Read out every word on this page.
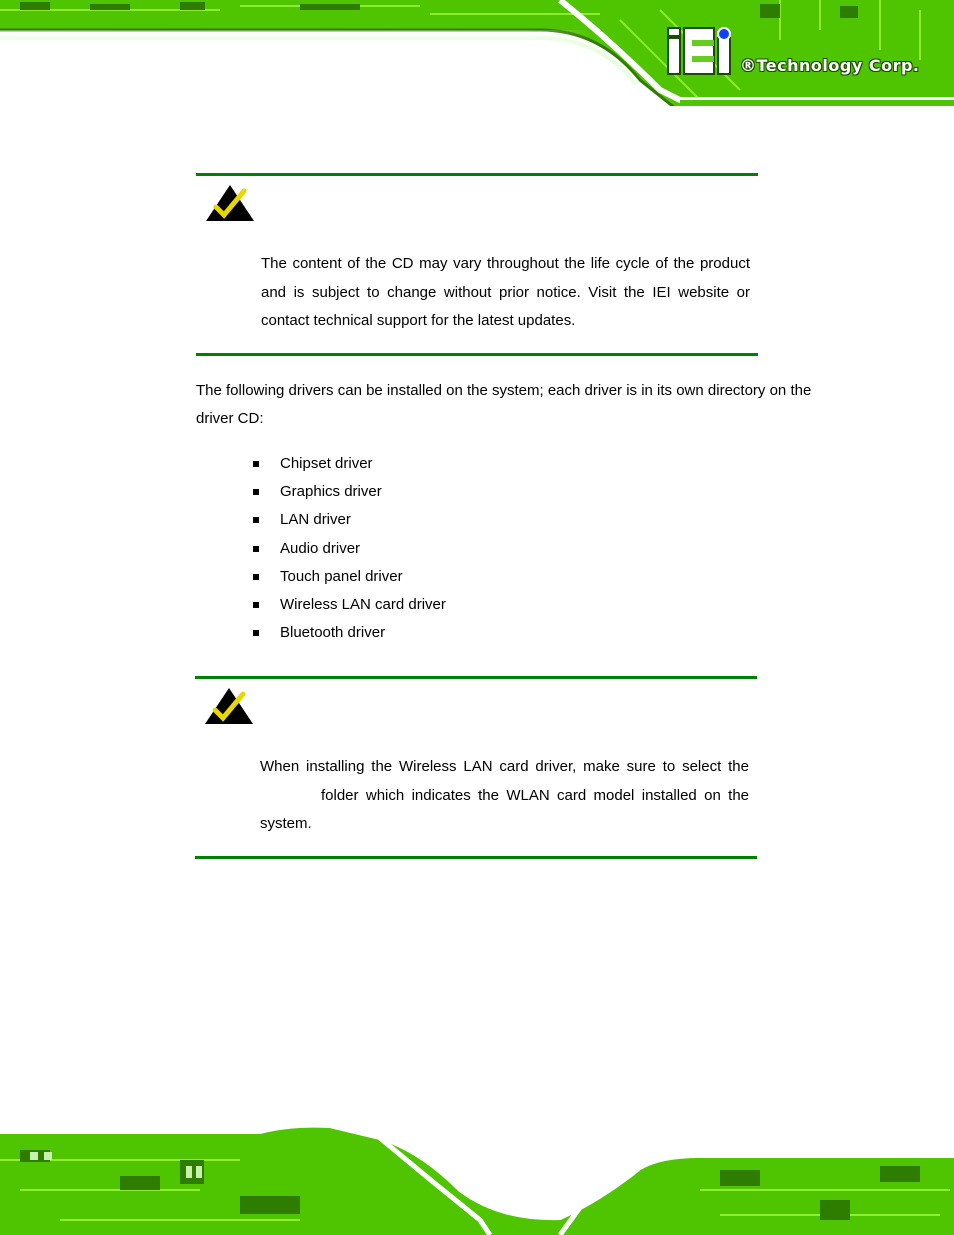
®Technology Corp.
The content of the CD may vary throughout the life cycle of the product
and is subject to change without prior notice. Visit the IEI website or
contact technical support for the latest updates.
The following drivers can be installed on the system; each driver is in its own directory on the driver CD:
Chipset driver
Graphics driver
LAN driver
Audio driver
Touch panel driver
Wireless LAN card driver
Bluetooth driver
When installing the Wireless LAN card driver, make sure to select the
folder which indicates the WLAN card model installed on the
system.
